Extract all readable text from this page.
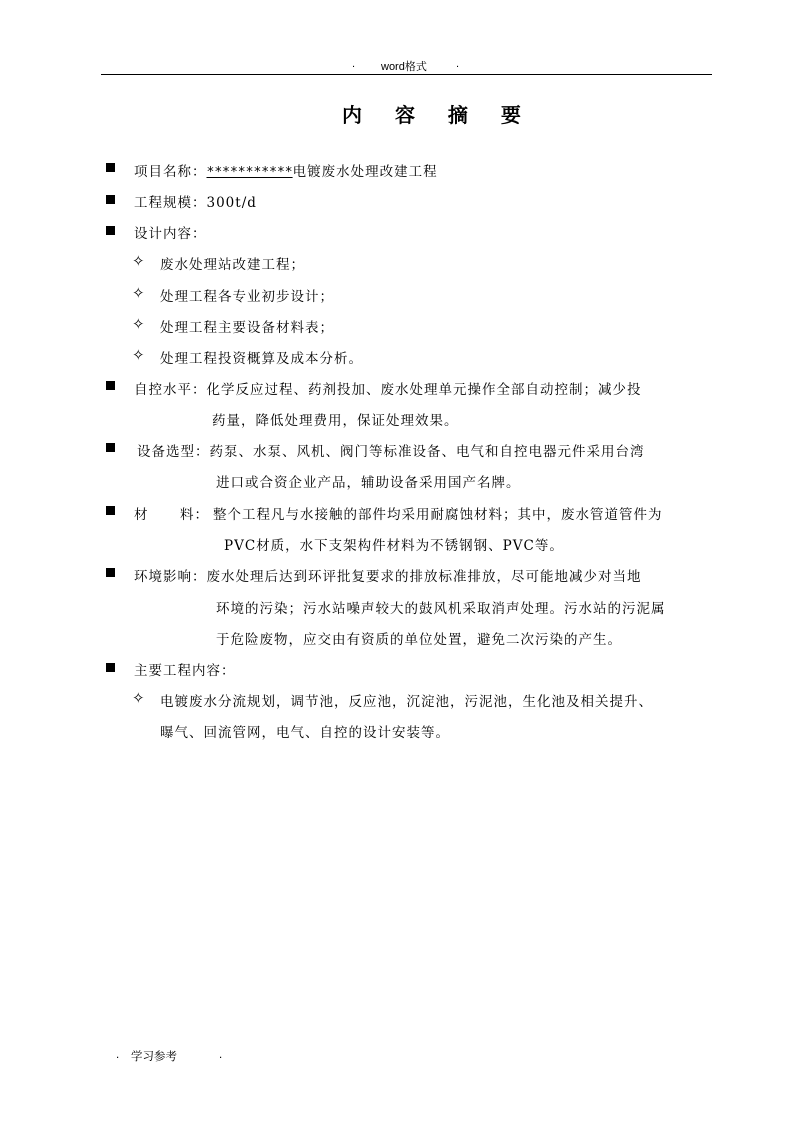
. word格式	.
内 容 摘 要
项目名称：***********电镀废水处理改建工程
工程规模：300t/d
设计内容：
✧ 废水处理站改建工程；
✧ 处理工程各专业初步设计；
✧ 处理工程主要设备材料表；
✧ 处理工程投资概算及成本分析。
自控水平：化学反应过程、药剂投加、废水处理单元操作全部自动控制；减少投
药量，降低处理费用，保证处理效果。
设备选型：药泵、水泵、风机、阀门等标准设备、电气和自控电器元件采用台湾
进口或合资企业产品，辅助设备采用国产名牌。
材 料： 整个工程凡与水接触的部件均采用耐腐蚀材料；其中，废水管道管件为
PVC材质，水下支架构件材料为不锈钢钢、PVC等。
环境影响：废水处理后达到环评批复要求的排放标准排放，尽可能地减少对当地
环境的污染；污水站噪声较大的鼓风机采取消声处理。污水站的污泥属
于危险废物，应交由有资质的单位处置，避免二次污染的产生。
主要工程内容：
✧ 电镀废水分流规划，调节池，反应池，沉淀池，污泥池，生化池及相关提升、
曝气、回流管网，电气、自控的设计安装等。
. 学习参考	.
